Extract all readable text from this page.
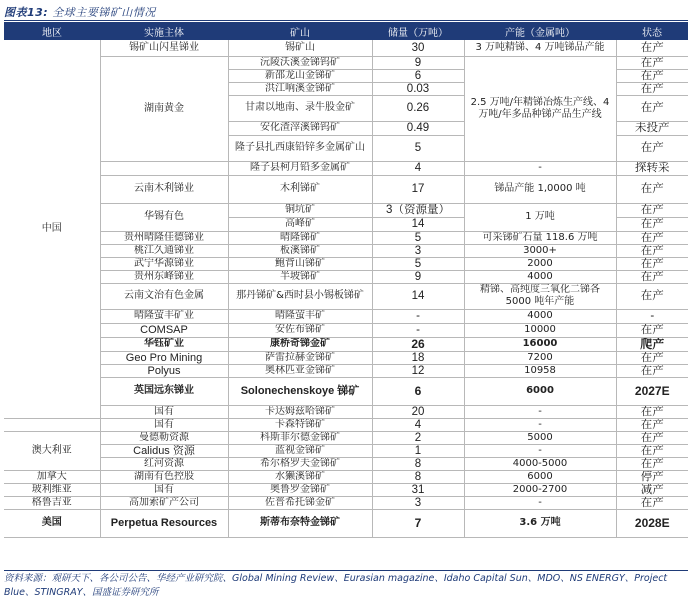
图表13: 全球主要锑矿山情况
地区	实施主体	矿山	储量（万吨）	产能（金属吨）	状态
中国	锡矿山闪星锑业	锡矿山	30	3 万吨精锑、4 万吨锑品产能	在产
	湖南黄金	沅陵沃溪金锑钨矿	9	2.5 万吨/年精锑冶炼生产线、4 万吨/年多品种锑产品生产线	在产
		新邵龙山金锑矿	6		在产
		洪江响溪金锑矿	0.03		在产
		甘肃以地南、录牛股金矿	0.26		在产
		安化渣滓溪锑钨矿	0.49		未投产
		隆子县扎西康铅锌多金属矿山	5		在产
		隆子县柯月铅多金属矿	4	-	探转采
	云南木利锑业	木利锑矿	17	锑品产能 1,0000 吨	在产
	华锡有色	铜坑矿	3（资源量）	1 万吨	在产
		高峰矿	14		在产
	贵州晴隆佳德锑业	晴隆锑矿	5	可采锑矿石量 118.6 万吨	在产
	桃江久通锑业	板溪锑矿	3	3000+	在产
	武宁华源锑业	鲍背山锑矿	5	2000	在产
	贵州东峰锑业	半坡锑矿	9	4000	在产
	云南文治有色金属	那丹锑矿&西时县小锡板锑矿	14	精锑、高纯度三氧化二锑各 5000 吨年产能	在产
	晴隆萤丰矿业	晴隆萤丰矿	-	4000	-
	COMSAP	安佐布锑矿	-	10000	在产
	华钰矿业	康桥奇锑金矿	26	16000	爬产
	Geo Pro Mining	萨雷拉赫金锑矿	18	7200	在产
	Polyus	奥林匹亚金锑矿	12	10958	在产
	英国远东锑业	Solonechenskoye 锑矿	6	6000	2027E
	国有	卡达姆兹哈锑矿	20	-	在产
	国有	卡森特锑矿	4	-	在产
澳大利亚	曼德勒资源	科斯菲尔德金锑矿	2	5000	在产
	Calidus 资源	蓝视金锑矿	1	-	在产
	红河资源	希尔格罗夫金锑矿	8	4000-5000	在产
加拿大	湖南有色控股	水獭溪锑矿	8	6000	停产
玻利维亚	国有	奥鲁罗金锑矿	31	2000-2700	减产
格鲁吉亚	高加索矿产公司	佐普希托锑金矿	3	-	在产
美国	Perpetua Resources	斯蒂布奈特金锑矿	7	3.6 万吨	2028E
资料来源：观研天下、各公司公告、华经产业研究院、Global Mining Review、Eurasian magazine、Idaho Capital Sun、MDO、NS ENERGY、Project Blue、STINGRAY、国盛证券研究所
